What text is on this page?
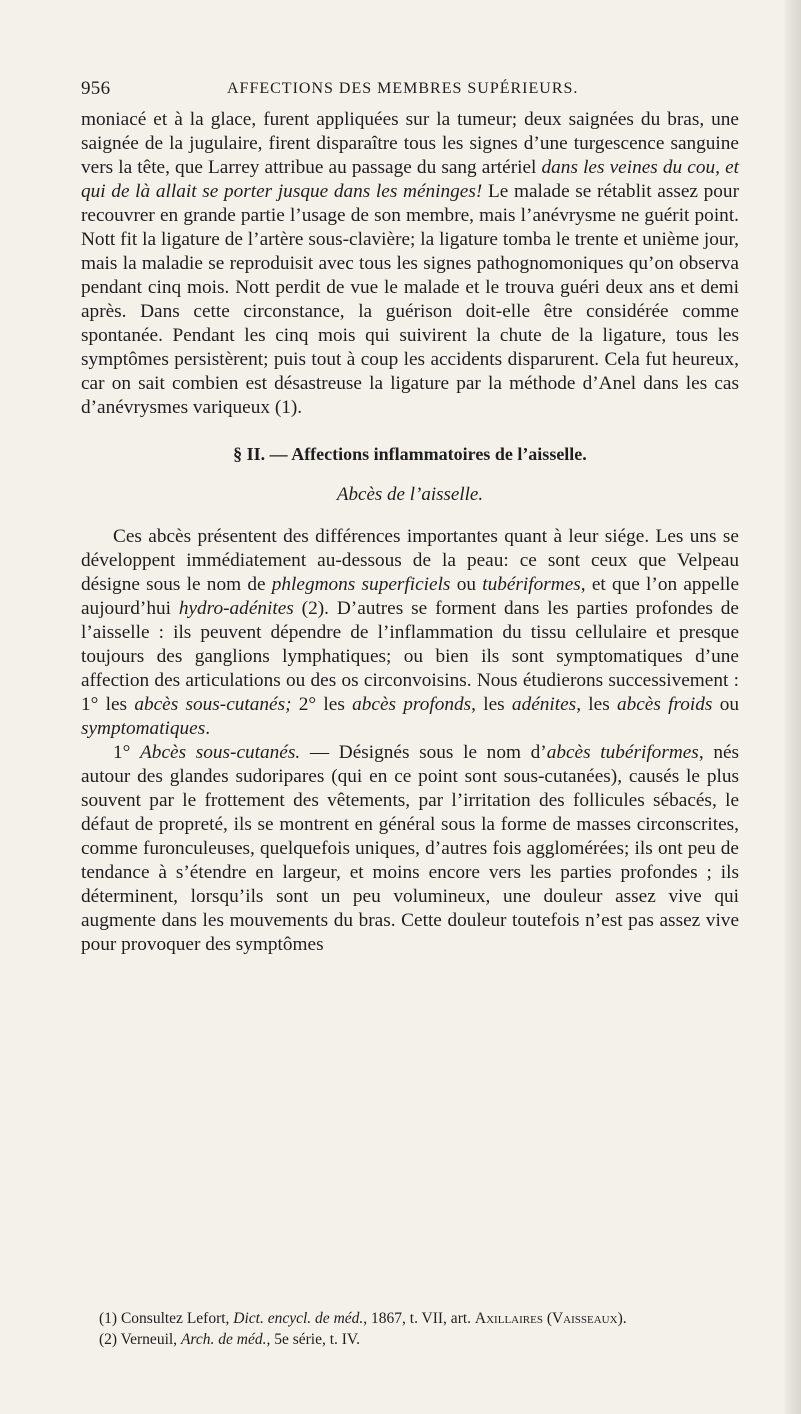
956	AFFECTIONS DES MEMBRES SUPÉRIEURS.

moniacé et à la glace, furent appliquées sur la tumeur; deux saignées du bras, une saignée de la jugulaire, firent disparaître tous les signes d’une turgescence sanguine vers la tête, que Larrey attribue au passage du sang artériel dans les veines du cou, et qui de là allait se porter jusque dans les méninges! Le malade se rétablit assez pour recouvrer en grande partie l’usage de son membre, mais l’anévrysme ne guérit point. Nott fit la ligature de l’artère sous-clavière; la ligature tomba le trente et unième jour, mais la maladie se reproduisit avec tous les signes pathognomoniques qu’on observa pendant cinq mois. Nott perdit de vue le malade et le trouva guéri deux ans et demi après. Dans cette circonstance, la guérison doit-elle être considérée comme spontanée. Pendant les cinq mois qui suivirent la chute de la ligature, tous les symptômes persistèrent; puis tout à coup les accidents disparurent. Cela fut heureux, car on sait combien est désastreuse la ligature par la méthode d’Anel dans les cas d’anévrysmes variqueux (1).

§ II. — Affections inflammatoires de l’aisselle.
Abcès de l’aisselle.

Ces abcès présentent des différences importantes quant à leur siége. Les uns se développent immédiatement au-dessous de la peau: ce sont ceux que Velpeau désigne sous le nom de phlegmons superficiels ou tubériformes, et que l’on appelle aujourd’hui hydro-adénites (2). D’autres se forment dans les parties profondes de l’aisselle : ils peuvent dépendre de l’inflammation du tissu cellulaire et presque toujours des ganglions lymphatiques; ou bien ils sont symptomatiques d’une affection des articulations ou des os circonvoisins. Nous étudierons successivement : 1° les abcès sous-cutanés; 2° les abcès profonds, les adénites, les abcès froids ou symptomatiques.

1° Abcès sous-cutanés. — Désignés sous le nom d’abcès tubériformes, nés autour des glandes sudoripares (qui en ce point sont sous-cutanées), causés le plus souvent par le frottement des vêtements, par l’irritation des follicules sébacés, le défaut de propreté, ils se montrent en général sous la forme de masses circonscrites, comme furonculeuses, quelquefois uniques, d’autres fois agglomérées; ils ont peu de tendance à s’étendre en largeur, et moins encore vers les parties profondes ; ils déterminent, lorsqu’ils sont un peu volumineux, une douleur assez vive qui augmente dans les mouvements du bras. Cette douleur toutefois n’est pas assez vive pour provoquer des symptômes

(1) Consultez Lefort, Dict. encycl. de méd., 1867, t. VII, art. Axillaires (Vaisseaux).
(2) Verneuil, Arch. de méd., 5e série, t. IV.
